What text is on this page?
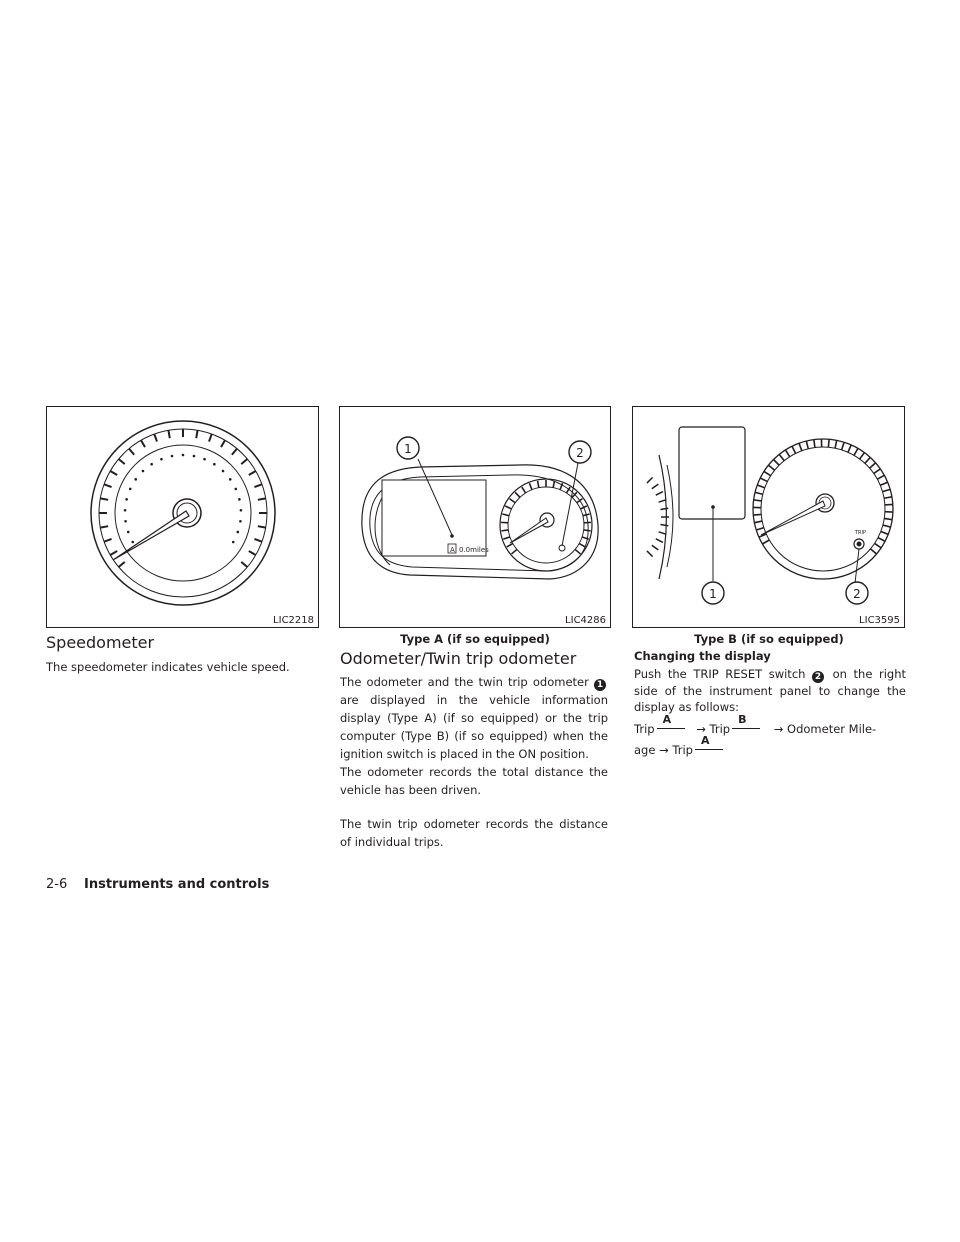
LIC2218
A 0.0miles
1	2
LIC4286
TRIP
1	2
LIC3595
Type A (if so equipped)	Type B (if so equipped)
Speedometer

The speedometer indicates vehicle speed.	Odometer/Twin trip odometer

The odometer and the twin trip odometer 1 are displayed in the vehicle information display (Type A) (if so equipped) or the trip computer (Type B) (if so equipped) when the ignition switch is placed in the ON position.

The odometer records the total distance the vehicle has been driven.

The twin trip odometer records the distance of individual trips.

Changing the display

Push the TRIP RESET switch 2 on the right side of the instrument panel to change the display as follows:

Trip
A
→ Trip
B
→ Odometer Mile-
age → Trip
A
2-6 Instruments and controls
